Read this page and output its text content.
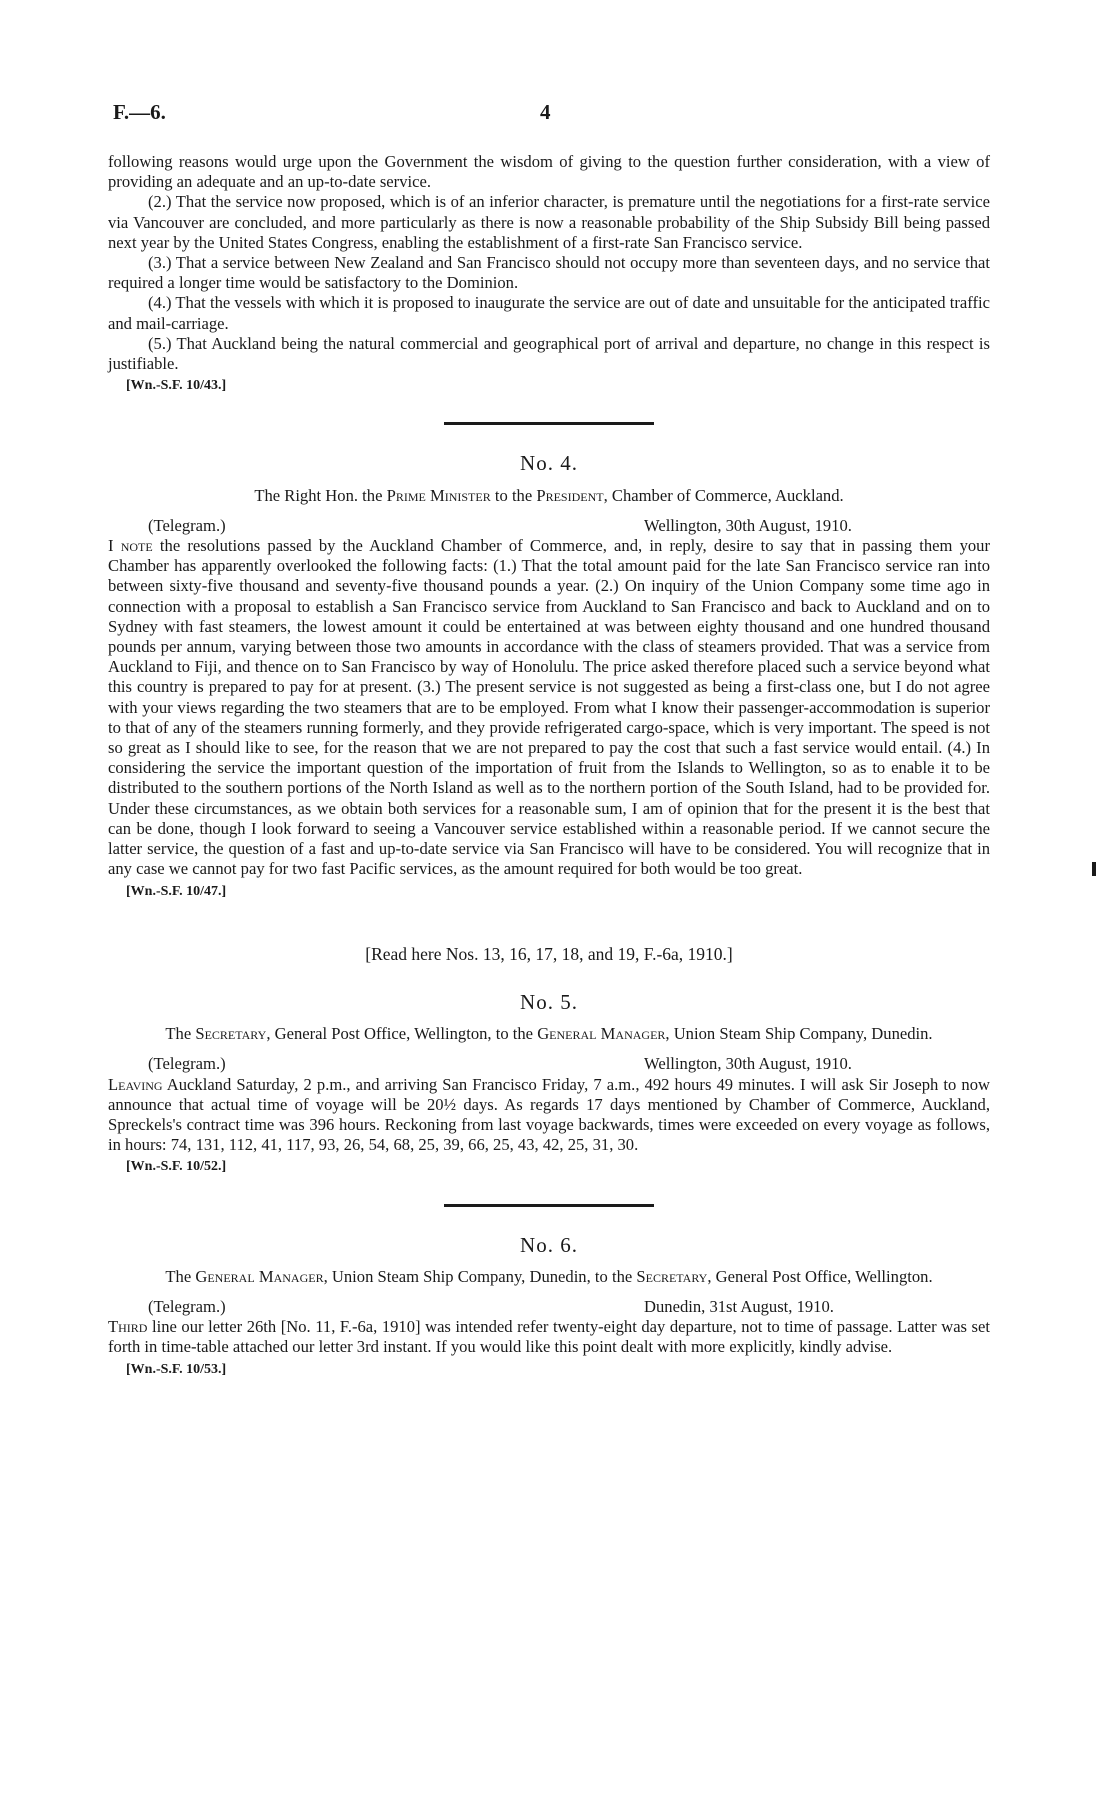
F.—6.	4

following reasons would urge upon the Government the wisdom of giving to the question further consideration, with a view of providing an adequate and an up-to-date service.

(2.) That the service now proposed, which is of an inferior character, is premature until the negotiations for a first-rate service via Vancouver are concluded, and more particularly as there is now a reasonable probability of the Ship Subsidy Bill being passed next year by the United States Congress, enabling the establishment of a first-rate San Francisco service.

(3.) That a service between New Zealand and San Francisco should not occupy more than seventeen days, and no service that required a longer time would be satisfactory to the Dominion.

(4.) That the vessels with which it is proposed to inaugurate the service are out of date and unsuitable for the anticipated traffic and mail-carriage.

(5.) That Auckland being the natural commercial and geographical port of arrival and departure, no change in this respect is justifiable.

[Wn.-S.F. 10/43.]

No. 4.

The Right Hon. the Prime Minister to the President, Chamber of Commerce, Auckland.

(Telegram.)	Wellington, 30th August, 1910.

I note the resolutions passed by the Auckland Chamber of Commerce, and, in reply, desire to say that in passing them your Chamber has apparently overlooked the following facts: (1.) That the total amount paid for the late San Francisco service ran into between sixty-five thousand and seventy-five thousand pounds a year. (2.) On inquiry of the Union Company some time ago in connection with a proposal to establish a San Francisco service from Auckland to San Francisco and back to Auckland and on to Sydney with fast steamers, the lowest amount it could be entertained at was between eighty thousand and one hundred thousand pounds per annum, varying between those two amounts in accordance with the class of steamers provided. That was a service from Auckland to Fiji, and thence on to San Francisco by way of Honolulu. The price asked therefore placed such a service beyond what this country is prepared to pay for at present. (3.) The present service is not suggested as being a first-class one, but I do not agree with your views regarding the two steamers that are to be employed. From what I know their passenger-accommodation is superior to that of any of the steamers running formerly, and they provide refrigerated cargo-space, which is very important. The speed is not so great as I should like to see, for the reason that we are not prepared to pay the cost that such a fast service would entail. (4.) In considering the service the important question of the importation of fruit from the Islands to Wellington, so as to enable it to be distributed to the southern portions of the North Island as well as to the northern portion of the South Island, had to be provided for. Under these circumstances, as we obtain both services for a reasonable sum, I am of opinion that for the present it is the best that can be done, though I look forward to seeing a Vancouver service established within a reasonable period. If we cannot secure the latter service, the question of a fast and up-to-date service via San Francisco will have to be considered. You will recognize that in any case we cannot pay for two fast Pacific services, as the amount required for both would be too great.

[Wn.-S.F. 10/47.]

[Read here Nos. 13, 16, 17, 18, and 19, F.-6a, 1910.]

No. 5.

The Secretary, General Post Office, Wellington, to the General Manager, Union Steam Ship Company, Dunedin.

(Telegram.)	Wellington, 30th August, 1910.

Leaving Auckland Saturday, 2 p.m., and arriving San Francisco Friday, 7 a.m., 492 hours 49 minutes. I will ask Sir Joseph to now announce that actual time of voyage will be 20½ days. As regards 17 days mentioned by Chamber of Commerce, Auckland, Spreckels's contract time was 396 hours. Reckoning from last voyage backwards, times were exceeded on every voyage as follows, in hours: 74, 131, 112, 41, 117, 93, 26, 54, 68, 25, 39, 66, 25, 43, 42, 25, 31, 30.

[Wn.-S.F. 10/52.]

No. 6.

The General Manager, Union Steam Ship Company, Dunedin, to the Secretary, General Post Office, Wellington.

(Telegram.)	Dunedin, 31st August, 1910.

Third line our letter 26th [No. 11, F.-6a, 1910] was intended refer twenty-eight day departure, not to time of passage. Latter was set forth in time-table attached our letter 3rd instant. If you would like this point dealt with more explicitly, kindly advise.

[Wn.-S.F. 10/53.]
